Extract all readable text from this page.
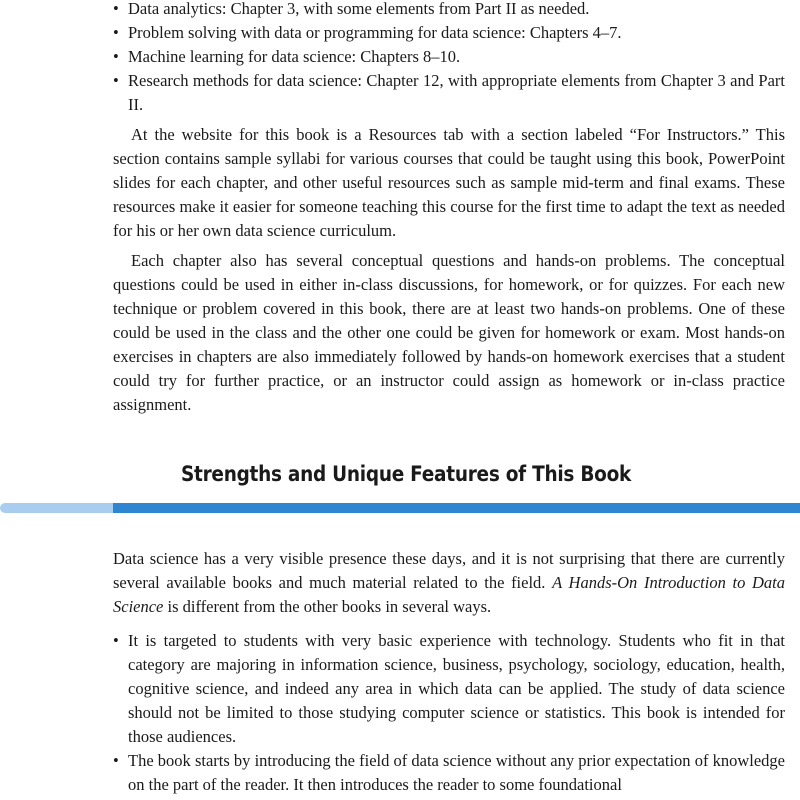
• Data analytics: Chapter 3, with some elements from Part II as needed.
• Problem solving with data or programming for data science: Chapters 4–7.
• Machine learning for data science: Chapters 8–10.
• Research methods for data science: Chapter 12, with appropriate elements from Chapter 3 and Part II.

At the website for this book is a Resources tab with a section labeled “For Instructors.” This section contains sample syllabi for various courses that could be taught using this book, PowerPoint slides for each chapter, and other useful resources such as sample mid-term and final exams. These resources make it easier for someone teaching this course for the first time to adapt the text as needed for his or her own data science curriculum.

Each chapter also has several conceptual questions and hands-on problems. The conceptual questions could be used in either in-class discussions, for homework, or for quizzes. For each new technique or problem covered in this book, there are at least two hands-on problems. One of these could be used in the class and the other one could be given for homework or exam. Most hands-on exercises in chapters are also immediately followed by hands-on homework exercises that a student could try for further practice, or an instructor could assign as homework or in-class practice assignment.

Strengths and Unique Features of This Book

Data science has a very visible presence these days, and it is not surprising that there are currently several available books and much material related to the field. A Hands-On Introduction to Data Science is different from the other books in several ways.

• It is targeted to students with very basic experience with technology. Students who fit in that category are majoring in information science, business, psychology, sociology, education, health, cognitive science, and indeed any area in which data can be applied. The study of data science should not be limited to those studying computer science or statistics. This book is intended for those audiences.
• The book starts by introducing the field of data science without any prior expectation of knowledge on the part of the reader. It then introduces the reader to some foundational
